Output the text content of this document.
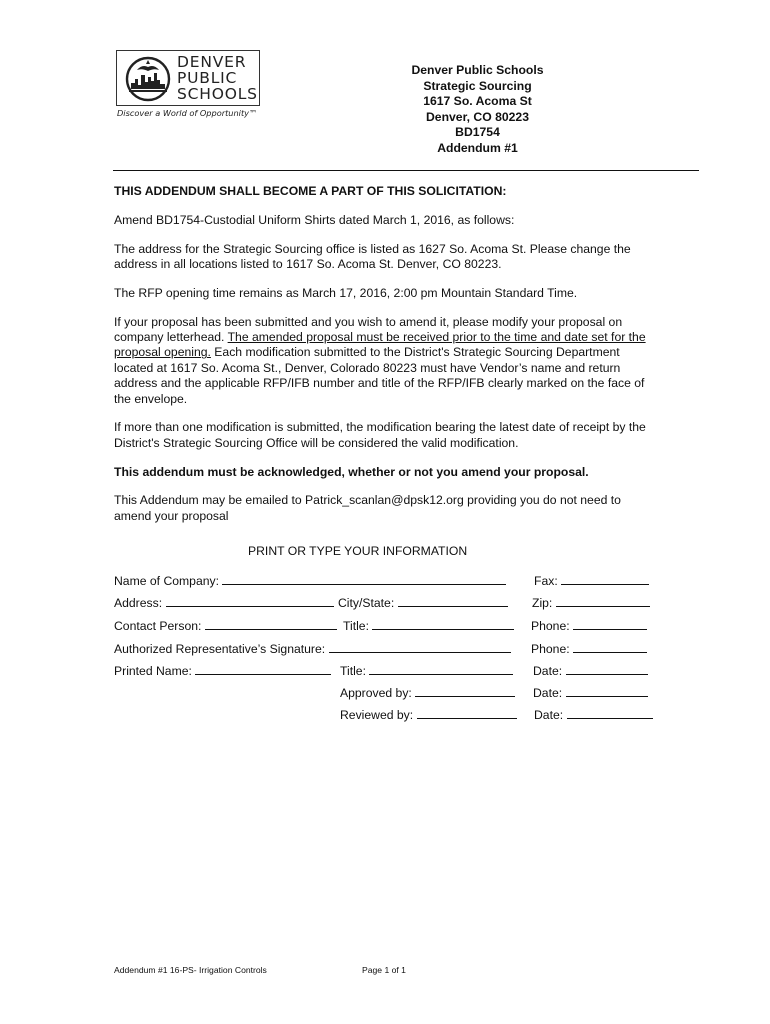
DENVER
PUBLIC
SCHOOLS
Discover a World of Opportunity™
Denver Public Schools
Strategic Sourcing
1617 So. Acoma St
Denver, CO 80223
BD1754
Addendum #1

THIS ADDENDUM SHALL BECOME A PART OF THIS SOLICITATION:

Amend BD1754-Custodial Uniform Shirts dated March 1, 2016, as follows:

The address for the Strategic Sourcing office is listed as 1627 So. Acoma St. Please change the address in all locations listed to 1617 So. Acoma St. Denver, CO 80223.

The RFP opening time remains as March 17, 2016, 2:00 pm Mountain Standard Time.

If your proposal has been submitted and you wish to amend it, please modify your proposal on company letterhead. The amended proposal must be received prior to the time and date set for the proposal opening. Each modification submitted to the District's Strategic Sourcing Department located at 1617 So. Acoma St., Denver, Colorado 80223 must have Vendor’s name and return address and the applicable RFP/IFB number and title of the RFP/IFB clearly marked on the face of the envelope.

If more than one modification is submitted, the modification bearing the latest date of receipt by the District's Strategic Sourcing Office will be considered the valid modification.

This addendum must be acknowledged, whether or not you amend your proposal.

This Addendum may be emailed to Patrick_scanlan@dpsk12.org providing you do not need to amend your proposal

PRINT OR TYPE YOUR INFORMATION
Name of Company:	Fax:
Address:	City/State:	Zip:
Contact Person:	Title:	Phone:
Authorized Representative’s Signature:	Phone:
Printed Name:	Title:	Date:
Approved by:	Date:
Reviewed by:	Date:
Addendum #1 16-PS- Irrigation Controls	Page 1 of 1
